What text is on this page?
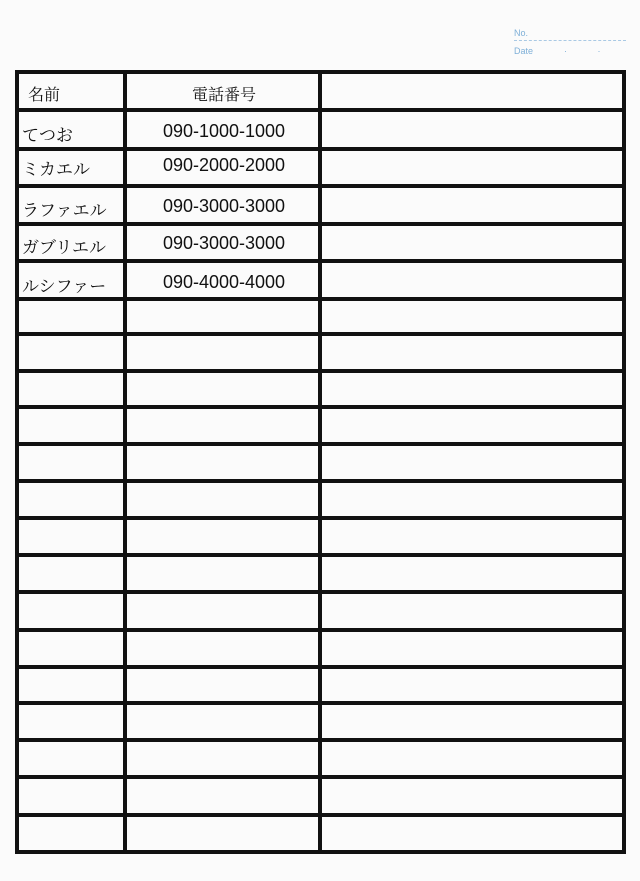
No.
Date	· ·
名前	電話番号
てつお	090-1000-1000
ミカエル	090-2000-2000
ラファエル	090-3000-3000
ガブリエル	090-3000-3000
ルシファー	090-4000-4000
